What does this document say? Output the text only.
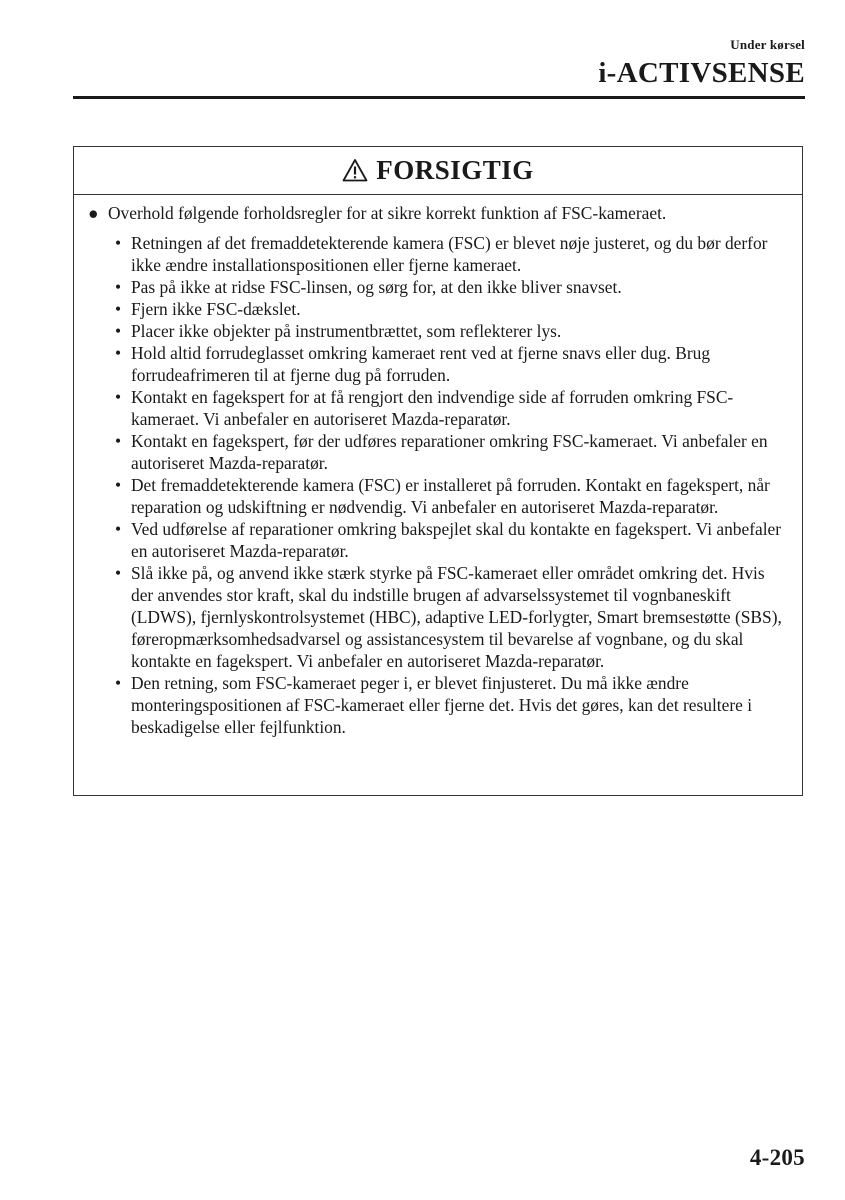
Under kørsel
i-ACTIVSENSE
FORSIGTIG
● Overhold følgende forholdsregler for at sikre korrekt funktion af FSC-kameraet.
• Retningen af det fremaddetekterende kamera (FSC) er blevet nøje justeret, og du bør derfor ikke ændre installationspositionen eller fjerne kameraet.
• Pas på ikke at ridse FSC-linsen, og sørg for, at den ikke bliver snavset.
• Fjern ikke FSC-dækslet.
• Placer ikke objekter på instrumentbrættet, som reflekterer lys.
• Hold altid forrudeglasset omkring kameraet rent ved at fjerne snavs eller dug. Brug forrudeafrimeren til at fjerne dug på forruden.
• Kontakt en fagekspert for at få rengjort den indvendige side af forruden omkring FSC-kameraet. Vi anbefaler en autoriseret Mazda-reparatør.
• Kontakt en fagekspert, før der udføres reparationer omkring FSC-kameraet. Vi anbefaler en autoriseret Mazda-reparatør.
• Det fremaddetekterende kamera (FSC) er installeret på forruden. Kontakt en fagekspert, når reparation og udskiftning er nødvendig. Vi anbefaler en autoriseret Mazda-reparatør.
• Ved udførelse af reparationer omkring bakspejlet skal du kontakte en fagekspert. Vi anbefaler en autoriseret Mazda-reparatør.
• Slå ikke på, og anvend ikke stærk styrke på FSC-kameraet eller området omkring det. Hvis der anvendes stor kraft, skal du indstille brugen af advarselssystemet til vognbaneskift (LDWS), fjernlyskontrolsystemet (HBC), adaptive LED-forlygter, Smart bremsestøtte (SBS), føreropmærksomhedsadvarsel og assistancesystem til bevarelse af vognbane, og du skal kontakte en fagekspert. Vi anbefaler en autoriseret Mazda-reparatør.
• Den retning, som FSC-kameraet peger i, er blevet finjusteret. Du må ikke ændre monteringspositionen af FSC-kameraet eller fjerne det. Hvis det gøres, kan det resultere i beskadigelse eller fejlfunktion.
4-205
